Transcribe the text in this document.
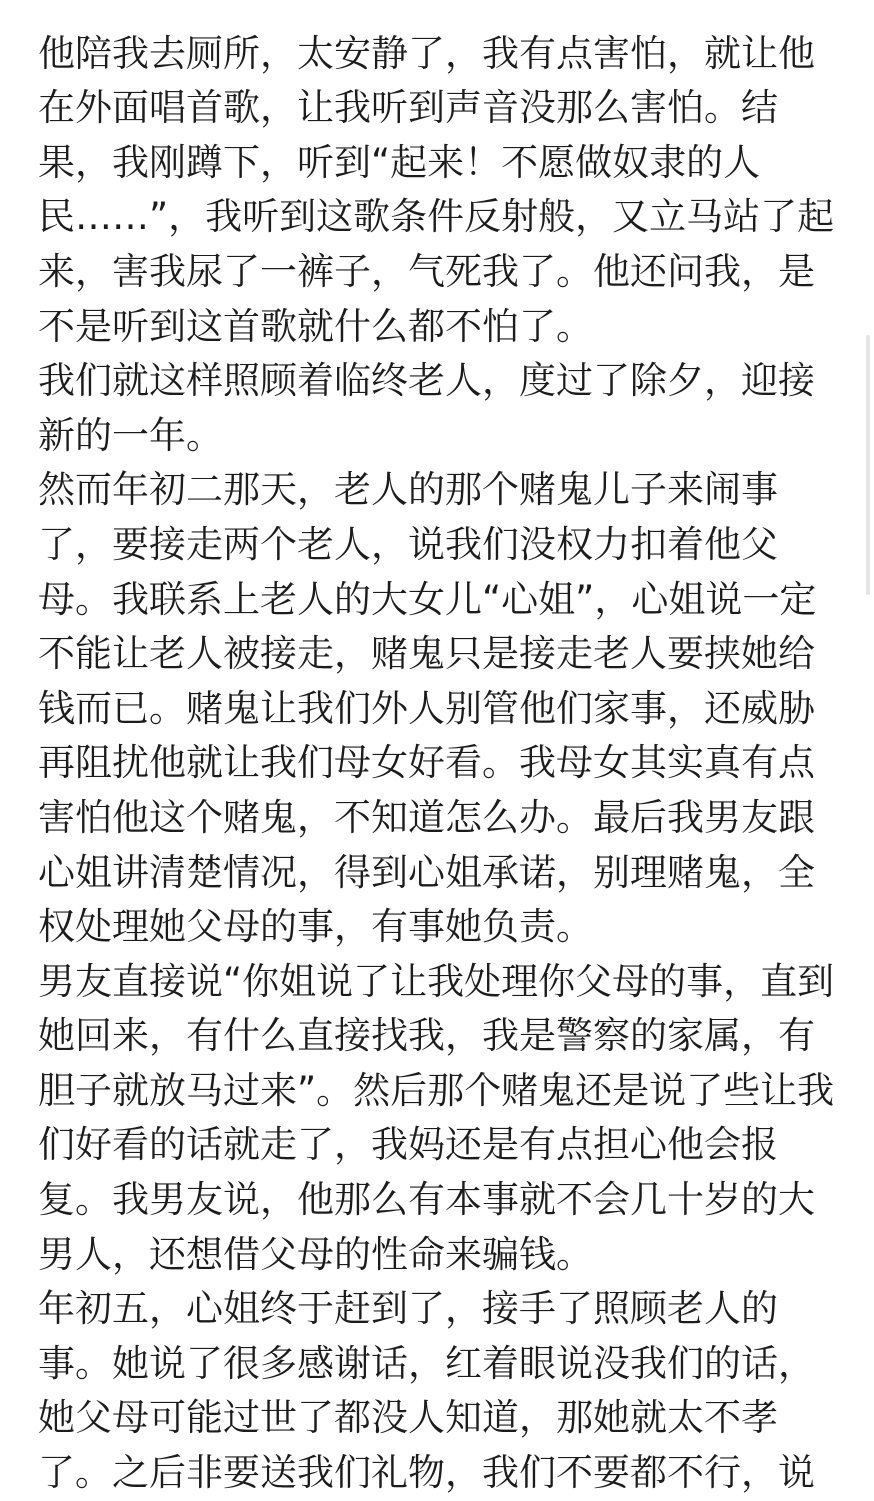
他陪我去厕所，太安静了，我有点害怕，就让他
在外面唱首歌，让我听到声音没那么害怕。结
果，我刚蹲下，听到“起来！不愿做奴隶的人
民……”，我听到这歌条件反射般，又立马站了起
来，害我尿了一裤子，气死我了。他还问我，是
不是听到这首歌就什么都不怕了。
我们就这样照顾着临终老人，度过了除夕，迎接
新的一年。
然而年初二那天，老人的那个赌鬼儿子来闹事
了，要接走两个老人，说我们没权力扣着他父
母。我联系上老人的大女儿“心姐”，心姐说一定
不能让老人被接走，赌鬼只是接走老人要挟她给
钱而已。赌鬼让我们外人别管他们家事，还威胁
再阻扰他就让我们母女好看。我母女其实真有点
害怕他这个赌鬼，不知道怎么办。最后我男友跟
心姐讲清楚情况，得到心姐承诺，别理赌鬼，全
权处理她父母的事，有事她负责。
男友直接说“你姐说了让我处理你父母的事，直到
她回来，有什么直接找我，我是警察的家属，有
胆子就放马过来”。然后那个赌鬼还是说了些让我
们好看的话就走了，我妈还是有点担心他会报
复。我男友说，他那么有本事就不会几十岁的大
男人，还想借父母的性命来骗钱。
年初五，心姐终于赶到了，接手了照顾老人的
事。她说了很多感谢话，红着眼说没我们的话，
她父母可能过世了都没人知道，那她就太不孝
了。之后非要送我们礼物，我们不要都不行，说
